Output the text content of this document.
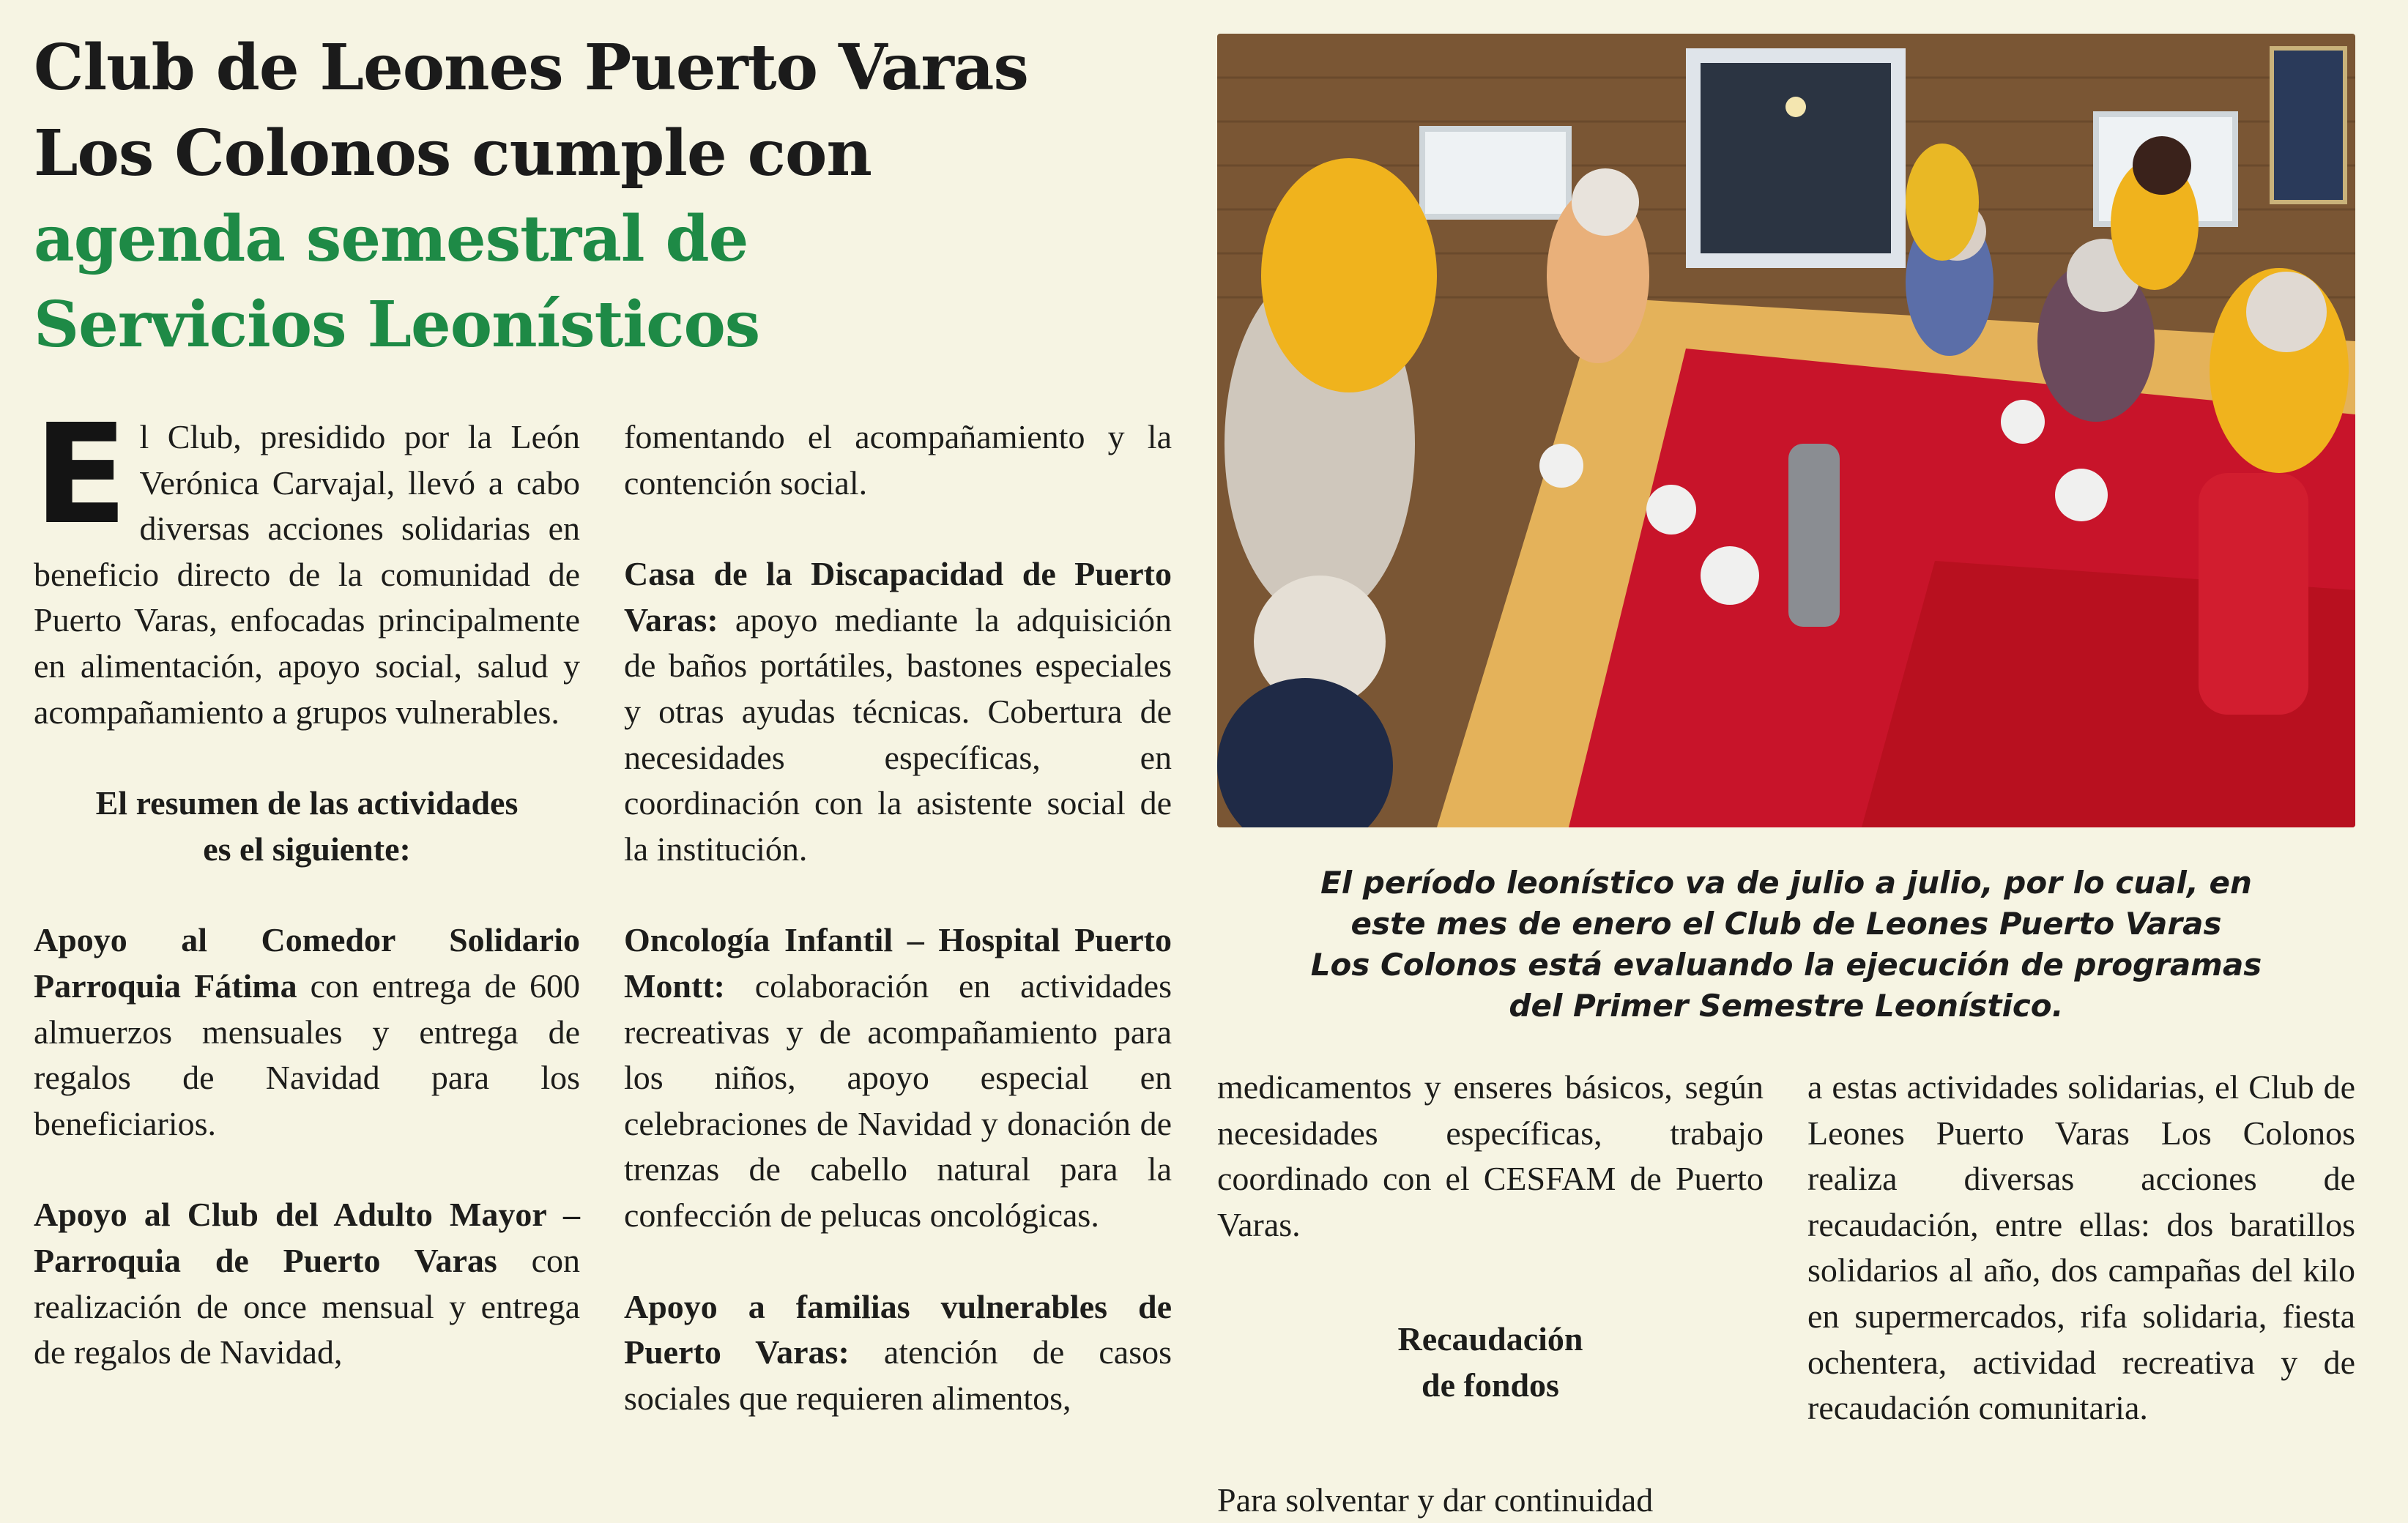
Club de Leones Puerto Varas
Los Colonos cumple con
agenda semestral de
Servicios Leonísticos

El Club, presidido por la León Verónica Carvajal, llevó a cabo diversas acciones solidarias en beneficio directo de la comunidad de Puerto Varas, enfocadas principalmente en alimentación, apoyo social, salud y acompañamiento a grupos vulnerables.

El resumen de las actividades
es el siguiente:

Apoyo al Comedor Solidario Parroquia Fátima con entrega de 600 almuerzos mensuales y entrega de regalos de Navidad para los beneficiarios.

Apoyo al Club del Adulto Mayor – Parroquia de Puerto Varas con realización de once mensual y entrega de regalos de Navidad,

fomentando el acompañamiento y la contención social.

Casa de la Discapacidad de Puerto Varas: apoyo mediante la adquisición de baños portátiles, bastones especiales y otras ayudas técnicas. Cobertura de necesidades específicas, en coordinación con la asistente social de la institución.

Oncología Infantil – Hospital Puerto Montt: colaboración en actividades recreativas y de acompañamiento para los niños, apoyo especial en celebraciones de Navidad y donación de trenzas de cabello natural para la confección de pelucas oncológicas.

Apoyo a familias vulnerables de Puerto Varas: atención de casos sociales que requieren alimentos,

El período leonístico va de julio a julio, por lo cual, en
este mes de enero el Club de Leones Puerto Varas
Los Colonos está evaluando la ejecución de programas
del Primer Semestre Leonístico.

medicamentos y enseres básicos, según necesidades específicas, trabajo coordinado con el CESFAM de Puerto Varas.

Recaudación
de fondos

Para solventar y dar continuidad

a estas actividades solidarias, el Club de Leones Puerto Varas Los Colonos realiza diversas acciones de recaudación, entre ellas: dos baratillos solidarios al año, dos campañas del kilo en supermercados, rifa solidaria, fiesta ochentera, actividad recreativa y de recaudación comunitaria.
